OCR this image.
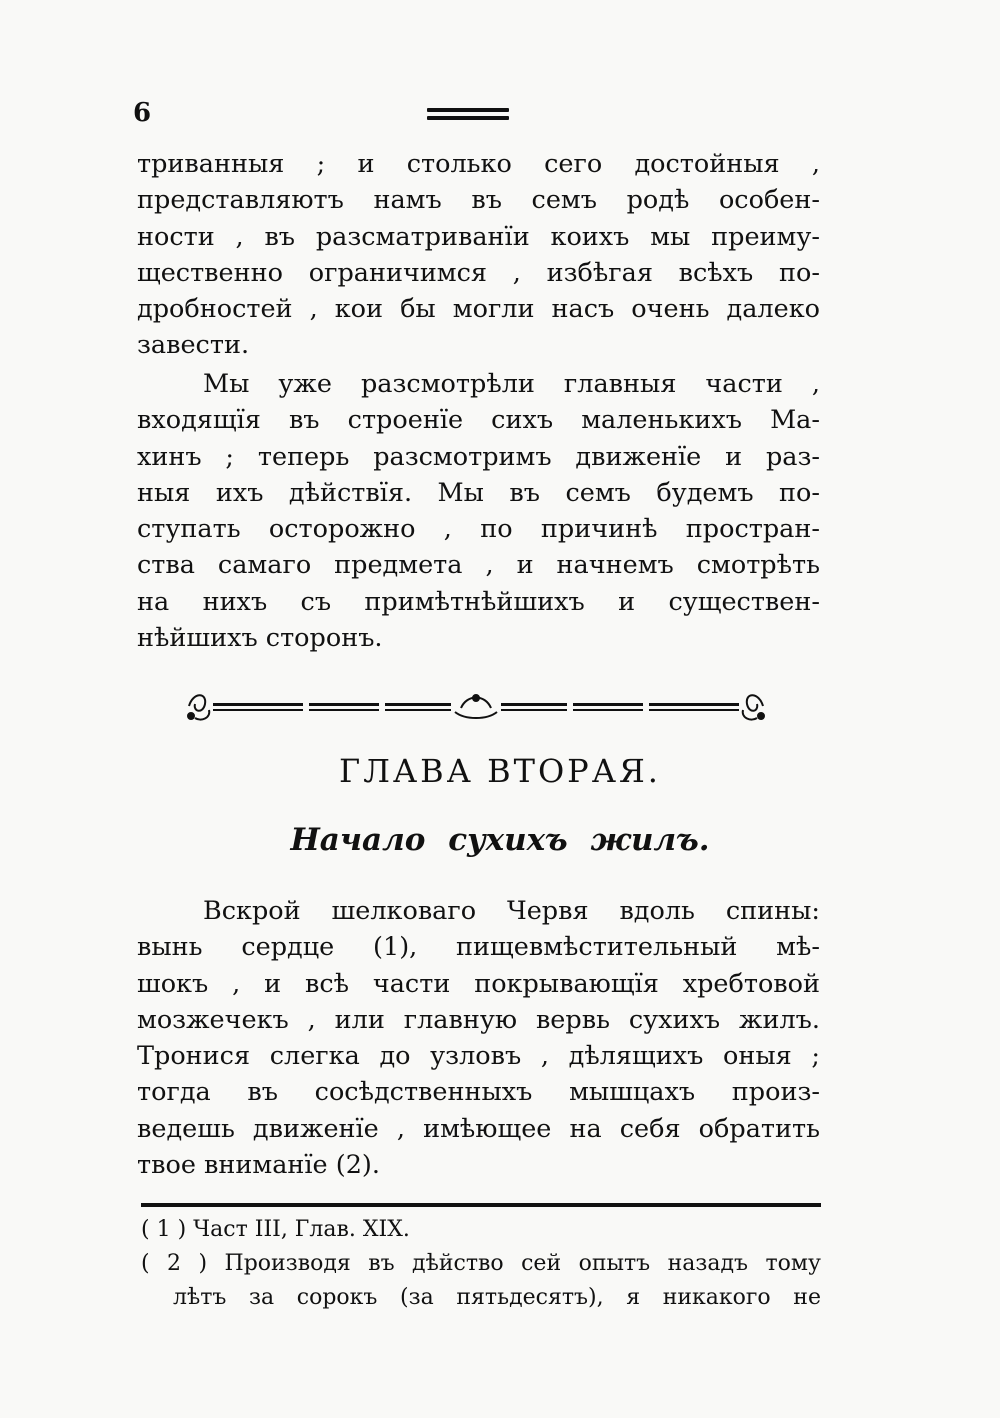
6
триванныя ; и столько сего достойныя ,
представляютъ намъ въ семъ родѣ особен-
ности , въ разсматриванїи коихъ мы преиму-
щественно ограничимся , избѣгая всѣхъ по-
дробностей , кои бы могли насъ очень далеко
завести.
Мы уже разсмотрѣли главныя части ,
входящїя въ строенїе сихъ маленькихъ Ма-
хинъ ; теперь разсмотримъ движенїе и раз-
ныя ихъ дѣйствїя. Мы въ семъ будемъ по-
ступать осторожно , по причинѣ простран-
ства самаго предмета , и начнемъ смотрѣть
на нихъ съ примѣтнѣйшихъ и существен-
нѣйшихъ сторонъ.
ГЛАВА ВТОРАЯ.
Начало сухихъ жилъ.
Вскрой шелковаго Червя вдоль спины:
вынь сердце (1), пищевмѣстительный мѣ-
шокъ , и всѣ части покрывающїя хребтовой
мозжечекъ , или главную вервь сухихъ жилъ.
Тронися слегка до узловъ , дѣлящихъ оныя ;
тогда въ сосѣдственныхъ мышцахъ произ-
ведешь движенїе , имѣющее на себя обратить
твое вниманїе (2).
( 1 ) Част III, Глав. XIX.
( 2 ) Производя въ дѣйство сей опытъ назадъ тому
лѣтъ за сорокъ (за пятьдесятъ), я никакого не
